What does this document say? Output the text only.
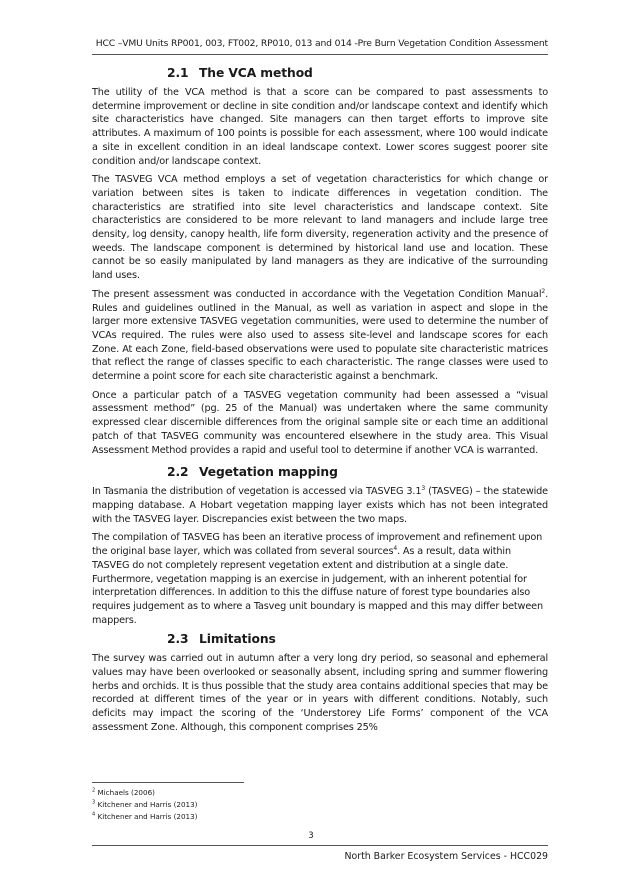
HCC –VMU Units RP001, 003, FT002, RP010, 013 and 014 -Pre Burn Vegetation Condition Assessment
2.1 The VCA method

The utility of the VCA method is that a score can be compared to past assessments to determine improvement or decline in site condition and/or landscape context and identify which site characteristics have changed. Site managers can then target efforts to improve site attributes. A maximum of 100 points is possible for each assessment, where 100 would indicate a site in excellent condition in an ideal landscape context. Lower scores suggest poorer site condition and/or landscape context.

The TASVEG VCA method employs a set of vegetation characteristics for which change or variation between sites is taken to indicate differences in vegetation condition. The characteristics are stratified into site level characteristics and landscape context. Site characteristics are considered to be more relevant to land managers and include large tree density, log density, canopy health, life form diversity, regeneration activity and the presence of weeds. The landscape component is determined by historical land use and location. These cannot be so easily manipulated by land managers as they are indicative of the surrounding land uses.

The present assessment was conducted in accordance with the Vegetation Condition Manual$^2$. Rules and guidelines outlined in the Manual, as well as variation in aspect and slope in the larger more extensive TASVEG vegetation communities, were used to determine the number of VCAs required. The rules were also used to assess site-level and landscape scores for each Zone. At each Zone, field-based observations were used to populate site characteristic matrices that reflect the range of classes specific to each characteristic. The range classes were used to determine a point score for each site characteristic against a benchmark.

Once a particular patch of a TASVEG vegetation community had been assessed a “visual assessment method” (pg. 25 of the Manual) was undertaken where the same community expressed clear discernible differences from the original sample site or each time an additional patch of that TASVEG community was encountered elsewhere in the study area. This Visual Assessment Method provides a rapid and useful tool to determine if another VCA is warranted.

2.2 Vegetation mapping

In Tasmania the distribution of vegetation is accessed via TASVEG $3.1^3$ (TASVEG) – the statewide mapping database. A Hobart vegetation mapping layer exists which has not been integrated with the TASVEG layer. Discrepancies exist between the two maps.

The compilation of TASVEG has been an iterative process of improvement and refinement upon the original base layer, which was collated from several sources$^4$. As a result, data within TASVEG do not completely represent vegetation extent and distribution at a single date. Furthermore, vegetation mapping is an exercise in judgement, with an inherent potential for interpretation differences. In addition to this the diffuse nature of forest type boundaries also requires judgement as to where a Tasveg unit boundary is mapped and this may differ between mappers.

2.3 Limitations

The survey was carried out in autumn after a very long dry period, so seasonal and ephemeral values may have been overlooked or seasonally absent, including spring and summer flowering herbs and orchids. It is thus possible that the study area contains additional species that may be recorded at different times of the year or in years with different conditions. Notably, such deficits may impact the scoring of the ‘Understorey Life Forms’ component of the VCA assessment Zone. Although, this component comprises 25%

$^2$ Michaels (2006)
$^3$ Kitchener and Harris (2013)
$^4$ Kitchener and Harris (2013)
3
North Barker Ecosystem Services - HCC029
